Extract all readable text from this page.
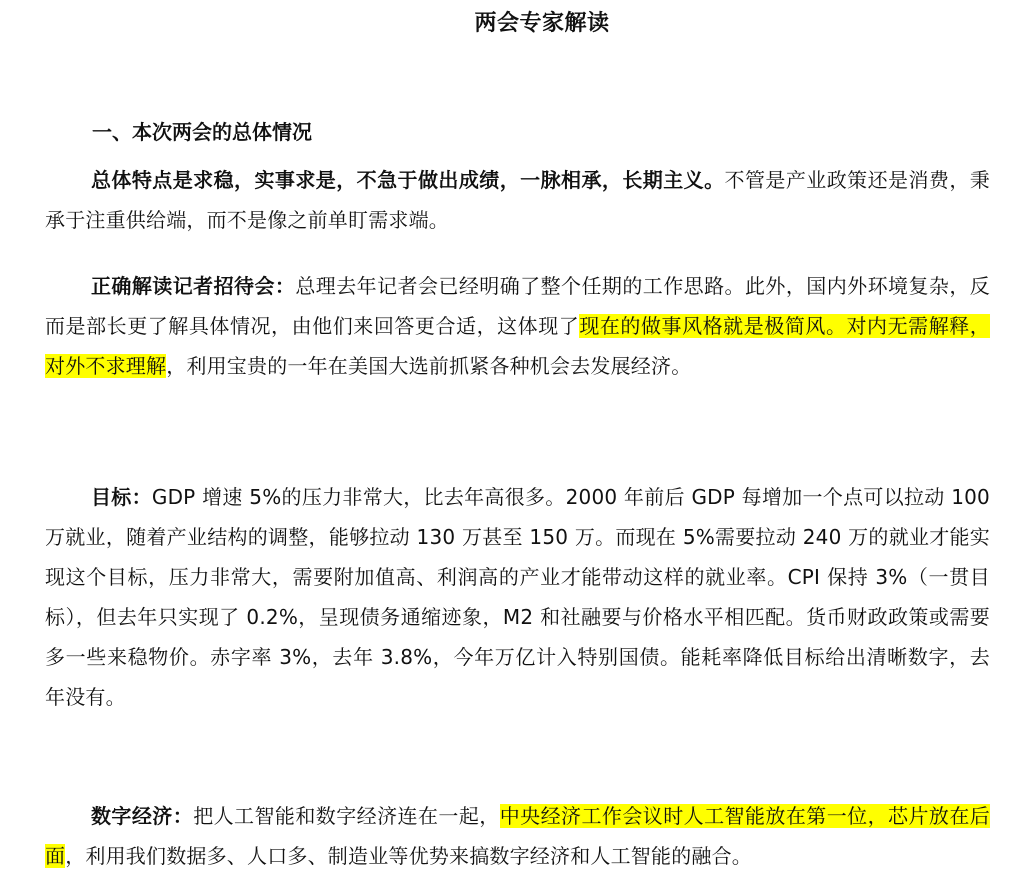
两会专家解读
一、本次两会的总体情况
总体特点是求稳，实事求是，不急于做出成绩，一脉相承，长期主义。不管是产业政策还是消费，秉承于注重供给端，而不是像之前单盯需求端。
正确解读记者招待会：总理去年记者会已经明确了整个任期的工作思路。此外，国内外环境复杂，反而是部长更了解具体情况，由他们来回答更合适，这体现了现在的做事风格就是极简风。对内无需解释，对外不求理解，利用宝贵的一年在美国大选前抓紧各种机会去发展经济。
目标：GDP 增速 5%的压力非常大，比去年高很多。2000 年前后 GDP 每增加一个点可以拉动 100 万就业，随着产业结构的调整，能够拉动 130 万甚至 150 万。而现在 5%需要拉动 240 万的就业才能实现这个目标，压力非常大，需要附加值高、利润高的产业才能带动这样的就业率。CPI 保持 3%（一贯目标），但去年只实现了 0.2%，呈现债务通缩迹象，M2 和社融要与价格水平相匹配。货币财政政策或需要多一些来稳物价。赤字率 3%，去年 3.8%，今年万亿计入特别国债。能耗率降低目标给出清晰数字，去年没有。
数字经济：把人工智能和数字经济连在一起，中央经济工作会议时人工智能放在第一位，芯片放在后面，利用我们数据多、人口多、制造业等优势来搞数字经济和人工智能的融合。
